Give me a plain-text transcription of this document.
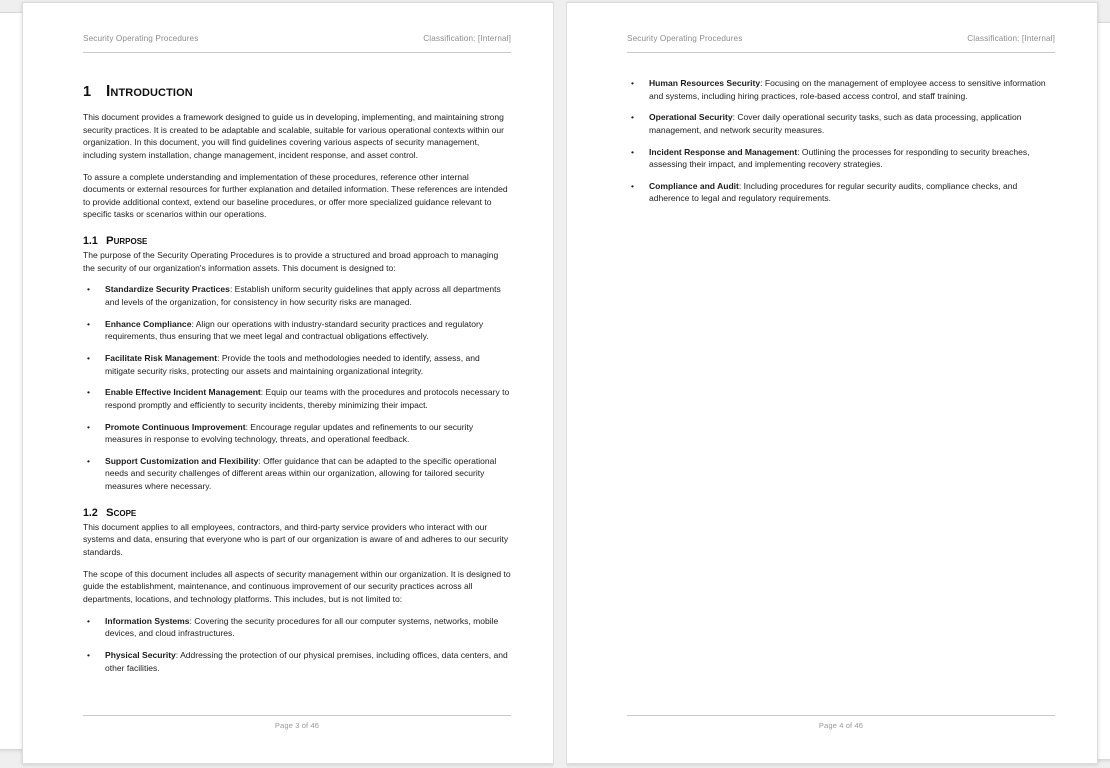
Security Operating Procedures	Classification: [Internal]
1 Introduction

This document provides a framework designed to guide us in developing, implementing, and maintaining strong security practices. It is created to be adaptable and scalable, suitable for various operational contexts within our organization. In this document, you will find guidelines covering various aspects of security management, including system installation, change management, incident response, and asset control.

To assure a complete understanding and implementation of these procedures, reference other internal documents or external resources for further explanation and detailed information. These references are intended to provide additional context, extend our baseline procedures, or offer more specialized guidance relevant to specific tasks or scenarios within our operations.

1.1 Purpose

The purpose of the Security Operating Procedures is to provide a structured and broad approach to managing the security of our organization's information assets. This document is designed to:

• Standardize Security Practices: Establish uniform security guidelines that apply across all departments and levels of the organization, for consistency in how security risks are managed.
• Enhance Compliance: Align our operations with industry-standard security practices and regulatory requirements, thus ensuring that we meet legal and contractual obligations effectively.
• Facilitate Risk Management: Provide the tools and methodologies needed to identify, assess, and mitigate security risks, protecting our assets and maintaining organizational integrity.
• Enable Effective Incident Management: Equip our teams with the procedures and protocols necessary to respond promptly and efficiently to security incidents, thereby minimizing their impact.
• Promote Continuous Improvement: Encourage regular updates and refinements to our security measures in response to evolving technology, threats, and operational feedback.
• Support Customization and Flexibility: Offer guidance that can be adapted to the specific operational needs and security challenges of different areas within our organization, allowing for tailored security measures where necessary.
1.2 Scope

This document applies to all employees, contractors, and third-party service providers who interact with our systems and data, ensuring that everyone who is part of our organization is aware of and adheres to our security standards.

The scope of this document includes all aspects of security management within our organization. It is designed to guide the establishment, maintenance, and continuous improvement of our security practices across all departments, locations, and technology platforms. This includes, but is not limited to:

• Information Systems: Covering the security procedures for all our computer systems, networks, mobile devices, and cloud infrastructures.
• Physical Security: Addressing the protection of our physical premises, including offices, data centers, and other facilities.
Page 3 of 46
Security Operating Procedures	Classification: [Internal]
• Human Resources Security: Focusing on the management of employee access to sensitive information and systems, including hiring practices, role-based access control, and staff training.
• Operational Security: Cover daily operational security tasks, such as data processing, application management, and network security measures.
• Incident Response and Management: Outlining the processes for responding to security breaches, assessing their impact, and implementing recovery strategies.
• Compliance and Audit: Including procedures for regular security audits, compliance checks, and adherence to legal and regulatory requirements.
Page 4 of 46
